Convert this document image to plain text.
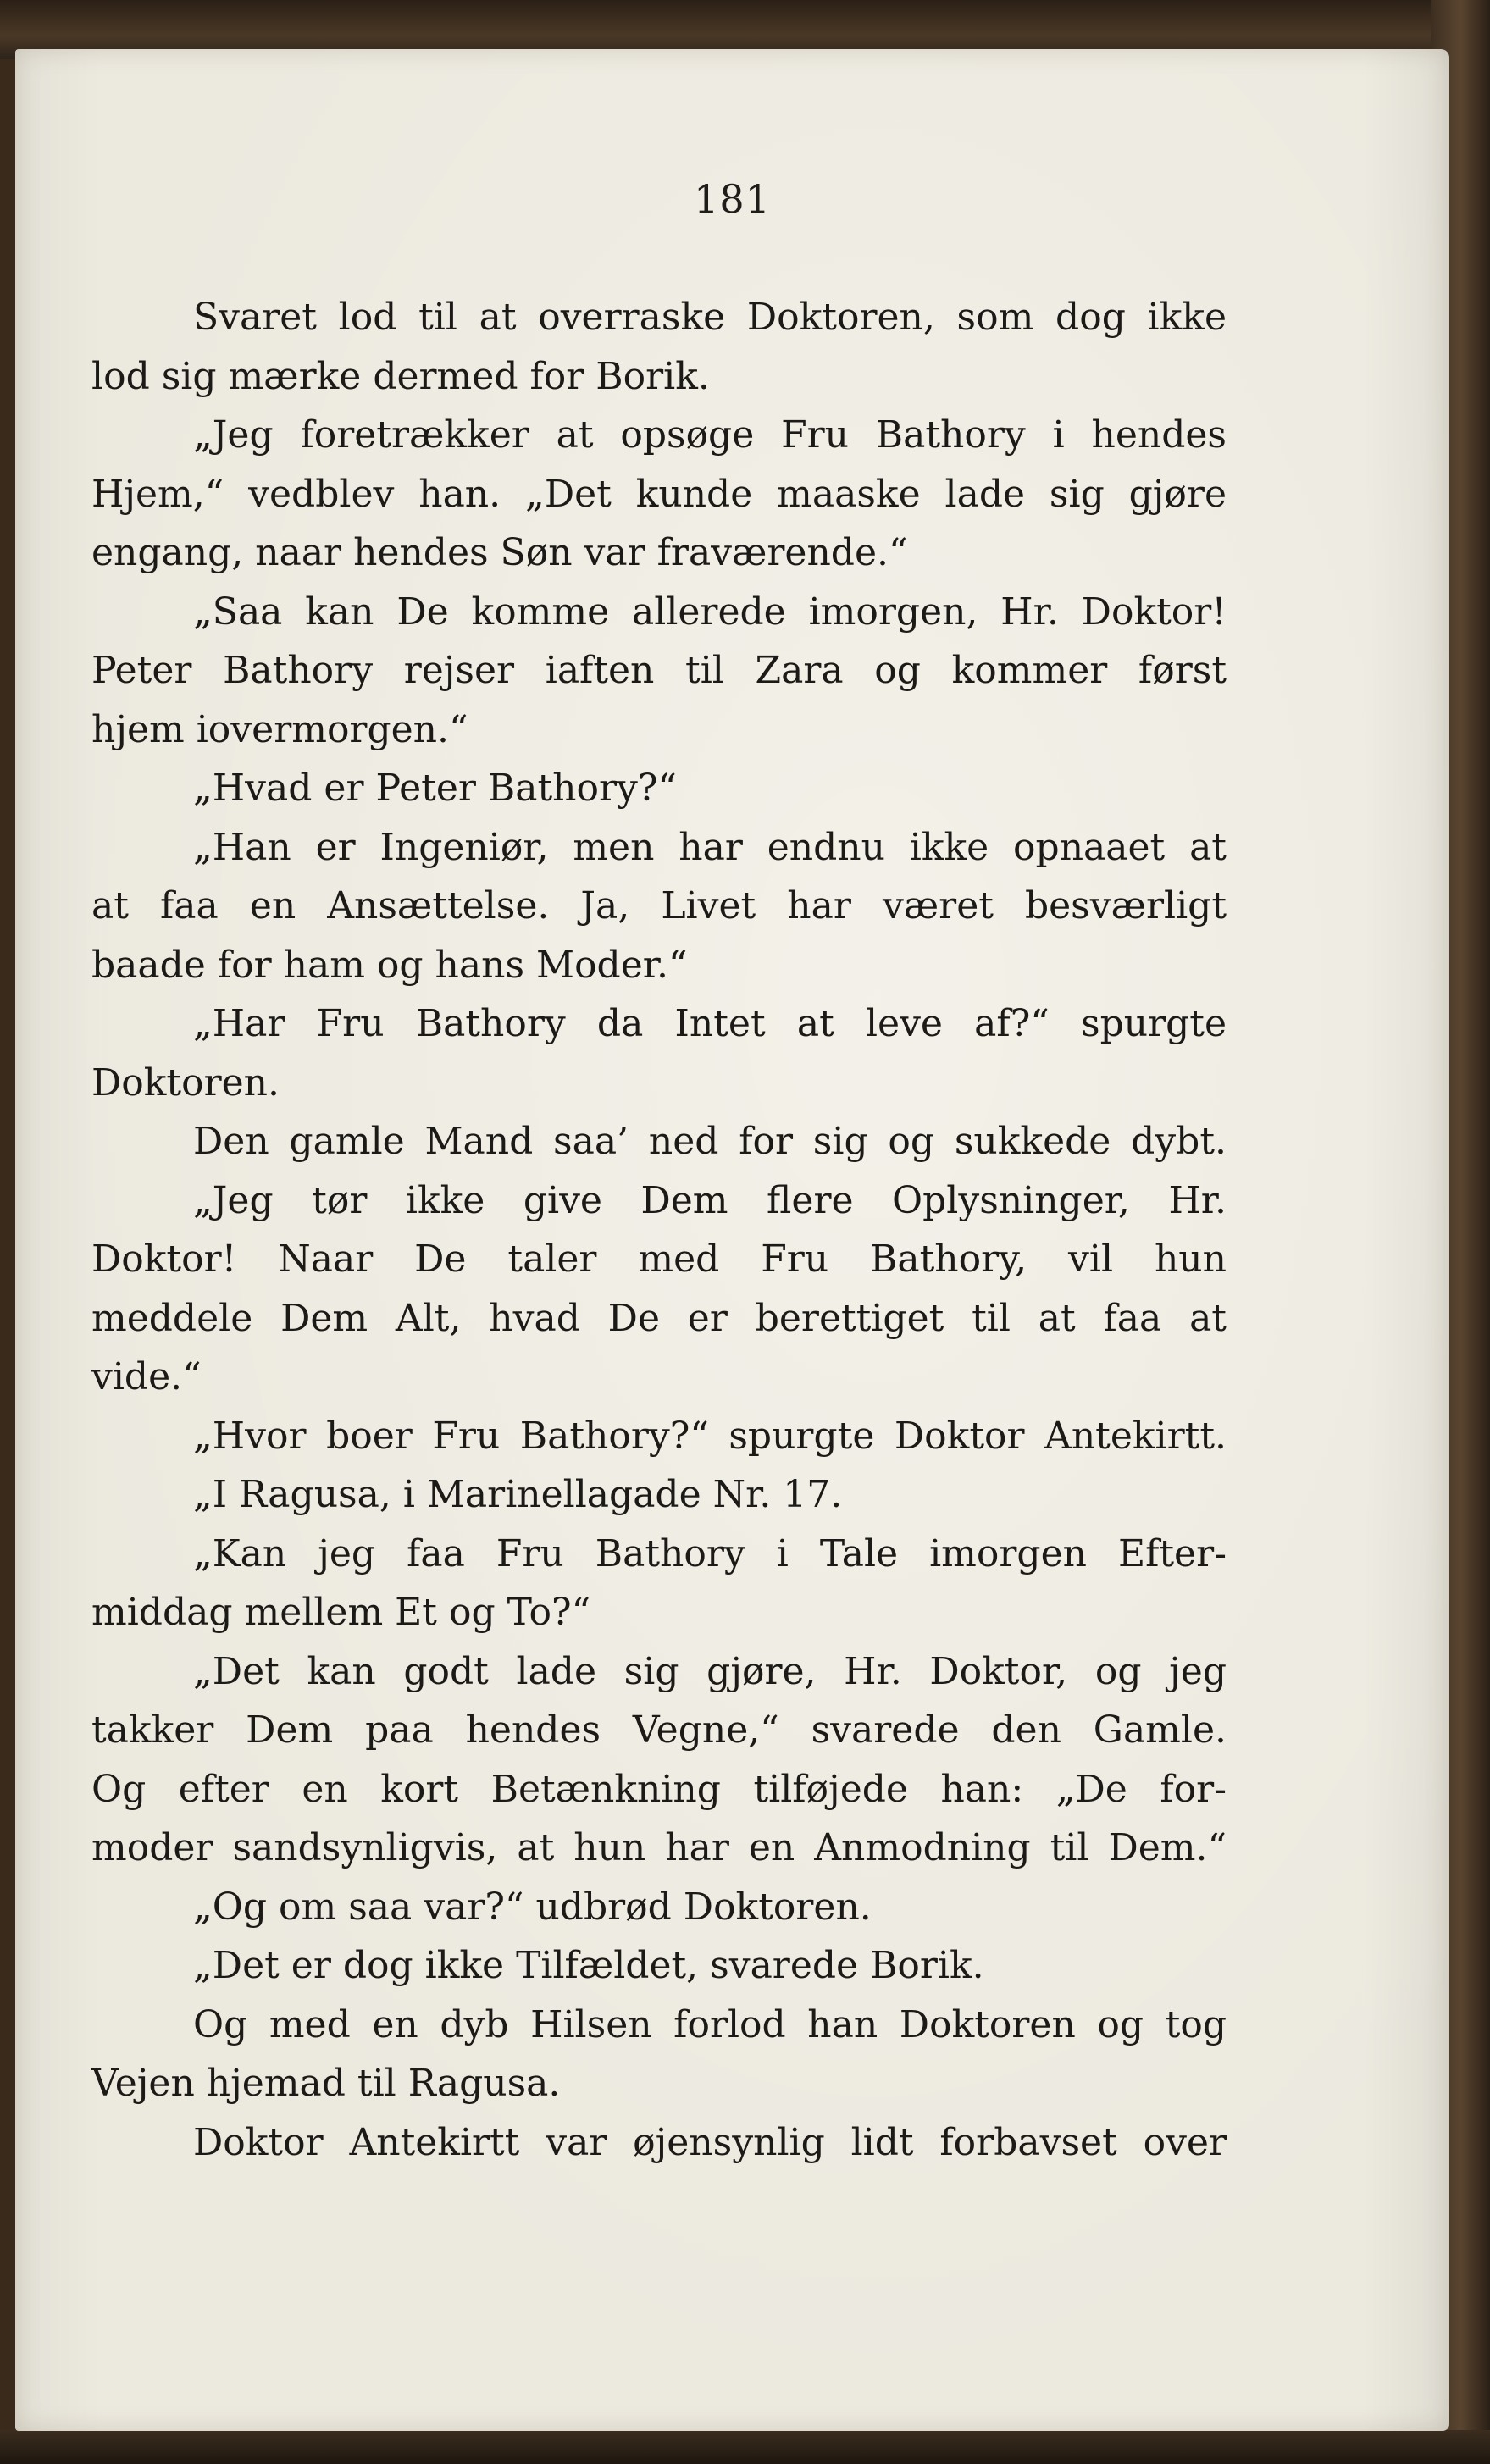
181
Svaret lod til at overraske Doktoren, som dog ikke
lod sig mærke dermed for Borik.
„Jeg foretrækker at opsøge Fru Bathory i hendes
Hjem,“ vedblev han. „Det kunde maaske lade sig gjøre
engang, naar hendes Søn var fraværende.“
„Saa kan De komme allerede imorgen, Hr. Doktor!
Peter Bathory rejser iaften til Zara og kommer først
hjem iovermorgen.“
„Hvad er Peter Bathory?“
„Han er Ingeniør, men har endnu ikke opnaaet at
at faa en Ansættelse. Ja, Livet har været besværligt
baade for ham og hans Moder.“
„Har Fru Bathory da Intet at leve af?“ spurgte
Doktoren.
Den gamle Mand saa’ ned for sig og sukkede dybt.
„Jeg tør ikke give Dem flere Oplysninger, Hr.
Doktor! Naar De taler med Fru Bathory, vil hun
meddele Dem Alt, hvad De er berettiget til at faa at
vide.“
„Hvor boer Fru Bathory?“ spurgte Doktor Antekirtt.
„I Ragusa, i Marinellagade Nr. 17.
„Kan jeg faa Fru Bathory i Tale imorgen Efter-
middag mellem Et og To?“
„Det kan godt lade sig gjøre, Hr. Doktor, og jeg
takker Dem paa hendes Vegne,“ svarede den Gamle.
Og efter en kort Betænkning tilføjede han: „De for-
moder sandsynligvis, at hun har en Anmodning til Dem.“
„Og om saa var?“ udbrød Doktoren.
„Det er dog ikke Tilfældet, svarede Borik.
Og med en dyb Hilsen forlod han Doktoren og tog
Vejen hjemad til Ragusa.
Doktor Antekirtt var øjensynlig lidt forbavset over
